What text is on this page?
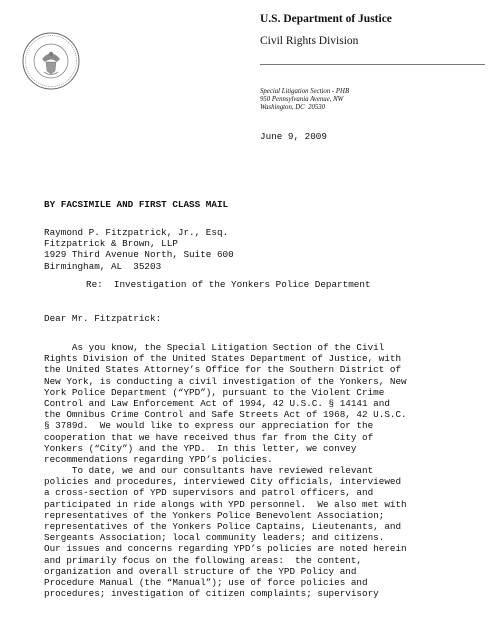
U.S. Department of Justice
Civil Rights Division
Special Litigation Section - PHB
950 Pennsylvania Avenue, NW
Washington, DC  20530
June 9, 2009
BY FACSIMILE AND FIRST CLASS MAIL
Raymond P. Fitzpatrick, Jr., Esq.
Fitzpatrick & Brown, LLP
1929 Third Avenue North, Suite 600
Birmingham, AL  35203
Re:  Investigation of the Yonkers Police Department
Dear Mr. Fitzpatrick:
As you know, the Special Litigation Section of the Civil
Rights Division of the United States Department of Justice, with
the United States Attorney’s Office for the Southern District of
New York, is conducting a civil investigation of the Yonkers, New
York Police Department (“YPD”), pursuant to the Violent Crime
Control and Law Enforcement Act of 1994, 42 U.S.C. § 14141 and
the Omnibus Crime Control and Safe Streets Act of 1968, 42 U.S.C.
§ 3789d.  We would like to express our appreciation for the
cooperation that we have received thus far from the City of
Yonkers (“City”) and the YPD.  In this letter, we convey
recommendations regarding YPD’s policies.
To date, we and our consultants have reviewed relevant
policies and procedures, interviewed City officials, interviewed
a cross-section of YPD supervisors and patrol officers, and
participated in ride alongs with YPD personnel.  We also met with
representatives of the Yonkers Police Benevolent Association;
representatives of the Yonkers Police Captains, Lieutenants, and
Sergeants Association; local community leaders; and citizens.
Our issues and concerns regarding YPD’s policies are noted herein
and primarily focus on the following areas:  the content,
organization and overall structure of the YPD Policy and
Procedure Manual (the “Manual”); use of force policies and
procedures; investigation of citizen complaints; supervisory
